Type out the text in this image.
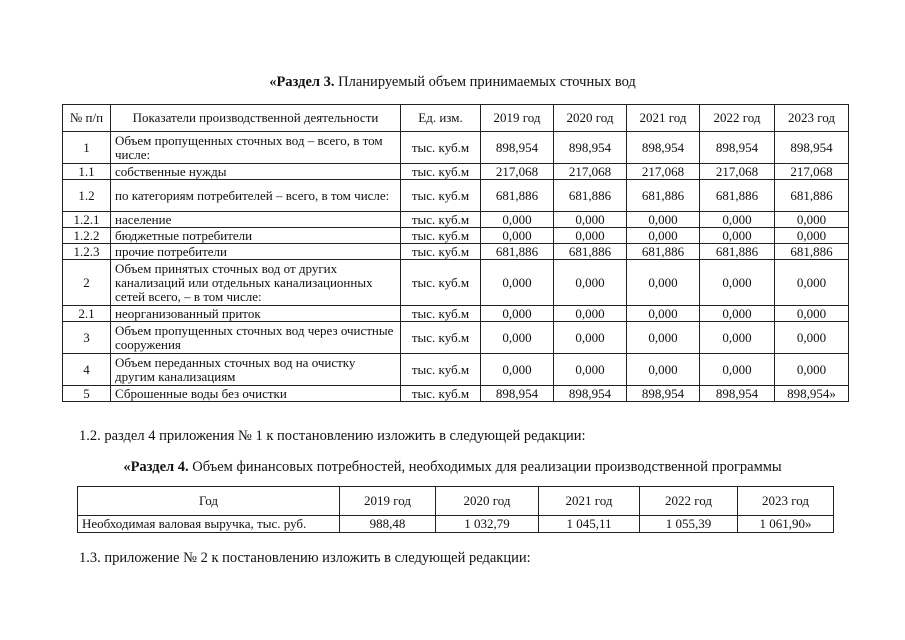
«Раздел 3. Планируемый объем принимаемых сточных вод
№ п/п	Показатели производственной деятельности	Ед. изм.	2019 год	2020 год	2021 год	2022 год	2023 год
1	Объем пропущенных сточных вод – всего, в том числе:	тыс. куб.м	898,954	898,954	898,954	898,954	898,954
1.1	собственные нужды	тыс. куб.м	217,068	217,068	217,068	217,068	217,068
1.2	по категориям потребителей – всего, в том числе:	тыс. куб.м	681,886	681,886	681,886	681,886	681,886
1.2.1	население	тыс. куб.м	0,000	0,000	0,000	0,000	0,000
1.2.2	бюджетные потребители	тыс. куб.м	0,000	0,000	0,000	0,000	0,000
1.2.3	прочие потребители	тыс. куб.м	681,886	681,886	681,886	681,886	681,886
2	Объем принятых сточных вод от других канализаций или отдельных канализационных сетей всего, – в том числе:	тыс. куб.м	0,000	0,000	0,000	0,000	0,000
2.1	неорганизованный приток	тыс. куб.м	0,000	0,000	0,000	0,000	0,000
3	Объем пропущенных сточных вод через очистные сооружения	тыс. куб.м	0,000	0,000	0,000	0,000	0,000
4	Объем переданных сточных вод на очистку другим канализациям	тыс. куб.м	0,000	0,000	0,000	0,000	0,000
5	Сброшенные воды без очистки	тыс. куб.м	898,954	898,954	898,954	898,954	898,954»
1.2. раздел 4 приложения № 1 к постановлению изложить в следующей редакции:
«Раздел 4. Объем финансовых потребностей, необходимых для реализации производственной программы
Год	2019 год	2020 год	2021 год	2022 год	2023 год
Необходимая валовая выручка, тыс. руб.	988,48	1 032,79	1 045,11	1 055,39	1 061,90»
1.3. приложение № 2 к постановлению изложить в следующей редакции:
